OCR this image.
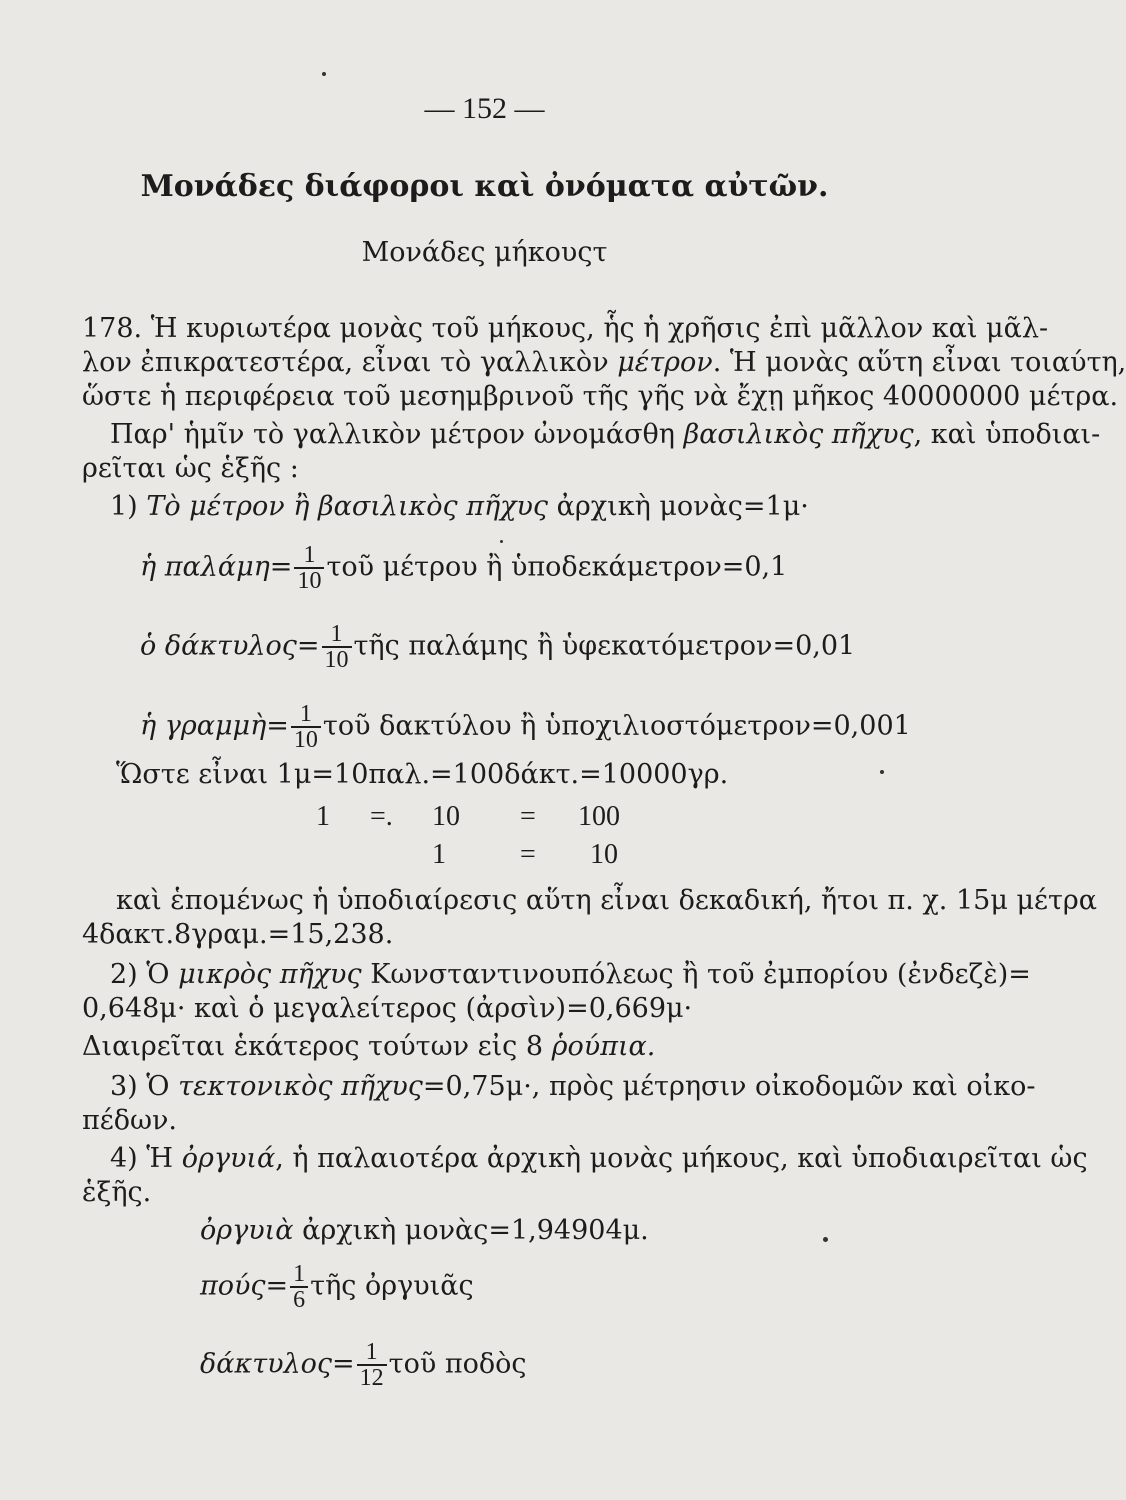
— 152 —
Μονάδες διάφοροι καὶ ὀνόματα αὐτῶν.
Μονάδες μήκουςτ
178. Ἡ κυριωτέρα μονὰς τοῦ μήκους, ἧς ἡ χρῆσις ἐπὶ μᾶλλον καὶ μᾶλ-
λον ἐπικρατεστέρα, εἶναι τὸ γαλλικὸν μέτρον. Ἡ μονὰς αὕτη εἶναι τοιαύτη,
ὥστε ἡ περιφέρεια τοῦ μεσημβρινοῦ τῆς γῆς νὰ ἔχῃ μῆκος 40000000 μέτρα.
Παρ' ἡμῖν τὸ γαλλικὸν μέτρον ὠνομάσθη βασιλικὸς πῆχυς, καὶ ὑποδιαι-
ρεῖται ὡς ἑξῆς :
1) Τὸ μέτρον ἢ βασιλικὸς πῆχυς ἀρχικὴ μονὰς=1μ·
ἡ $\pi\alpha\lambda ά\mu\eta= \frac{1}{10}$ τοῦ μέτρου ἢ ὑποδεκάμετρον=0,1
ὁ $\delta ά\kappa\tau\upsilon\lambda o\varsigma= \frac{1}{10}$ τῆς παλάμης ἢ ὑφεκατόμετρον=0,01
ἡ γραμμὴ= $\frac{1}{10}$ τοῦ δακτύλου ἢ ὑποχιλιοστόμετρον=0,001
Ὥστε εἶναι 1μ=10παλ.=100δάκτ.=10000γρ.
1 =. 10 = 100
1	= 10
καὶ ἑπομένως ἡ ὑποδιαίρεσις αὕτη εἶναι δεκαδική, ἤτοι π. χ. 15μ μέτρα
4δακτ.8γραμ.=15,238.
2) Ὁ μικρὸς πῆχυς Κωνσταντινουπόλεως ἢ τοῦ ἐμπορίου (ἐνδεζὲ)=
0,648μ· καὶ ὁ μεγαλείτερος (ἀρσὶν)=0,669μ·
Διαιρεῖται ἑκάτερος τούτων εἰς 8 ῥούπια.
3) Ὁ τεκτονικὸς πῆχυς=0,75μ·, πρὸς μέτρησιν οἰκοδομῶν καὶ οἰκο-
πέδων.
4) Ἡ ὀργυιά, ἡ παλαιοτέρα ἀρχικὴ μονὰς μήκους, καὶ ὑποδιαιρεῖται ὡς
ἑξῆς.
ὀργυιὰ ἀρχικὴ μονὰς=1,94904μ.
$\pi oύ\varsigma= \frac{1}{6}$ τῆς ὀργυιᾶς
$\delta ά\kappa\tau\upsilon\lambda o\varsigma= \frac{1}{12}$ τοῦ ποδὸς
